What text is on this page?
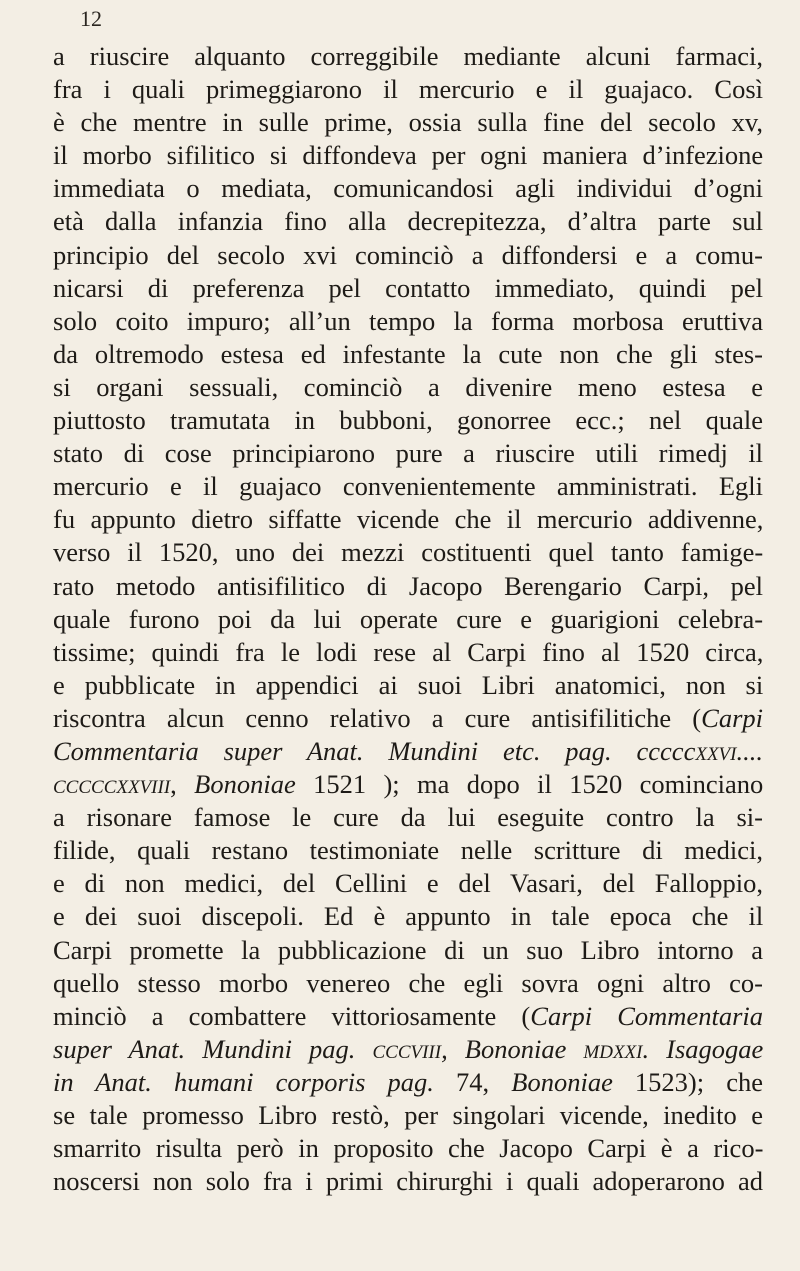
12
a riuscire alquanto correggibile mediante alcuni farmaci,
fra i quali primeggiarono il mercurio e il guajaco. Così
è che mentre in sulle prime, ossia sulla fine del secolo xv,
il morbo sifilitico si diffondeva per ogni maniera d’infezione
immediata o mediata, comunicandosi agli individui d’ogni
età dalla infanzia fino alla decrepitezza, d’altra parte sul
principio del secolo xvi cominciò a diffondersi e a comu-
nicarsi di preferenza pel contatto immediato, quindi pel
solo coito impuro; all’un tempo la forma morbosa eruttiva
da oltremodo estesa ed infestante la cute non che gli stes-
si organi sessuali, cominciò a divenire meno estesa e
piuttosto tramutata in bubboni, gonorree ecc.; nel quale
stato di cose principiarono pure a riuscire utili rimedj il
mercurio e il guajaco convenientemente amministrati. Egli
fu appunto dietro siffatte vicende che il mercurio addivenne,
verso il 1520, uno dei mezzi costituenti quel tanto famige-
rato metodo antisifilitico di Jacopo Berengario Carpi, pel
quale furono poi da lui operate cure e guarigioni celebra-
tissime; quindi fra le lodi rese al Carpi fino al 1520 circa,
e pubblicate in appendici ai suoi Libri anatomici, non si
riscontra alcun cenno relativo a cure antisifilitiche (Carpi
Commentaria super Anat. Mundini etc. pag. cccccxxvi....
cccccxxviii, Bononiae 1521 ); ma dopo il 1520 cominciano
a risonare famose le cure da lui eseguite contro la si-
filide, quali restano testimoniate nelle scritture di medici,
e di non medici, del Cellini e del Vasari, del Falloppio,
e dei suoi discepoli. Ed è appunto in tale epoca che il
Carpi promette la pubblicazione di un suo Libro intorno a
quello stesso morbo venereo che egli sovra ogni altro co-
minciò a combattere vittoriosamente (Carpi Commentaria
super Anat. Mundini pag. cccviii, Bononiae mdxxi. Isagogae
in Anat. humani corporis pag. 74, Bononiae 1523); che
se tale promesso Libro restò, per singolari vicende, inedito e
smarrito risulta però in proposito che Jacopo Carpi è a rico-
noscersi non solo fra i primi chirurghi i quali adoperarono ad
